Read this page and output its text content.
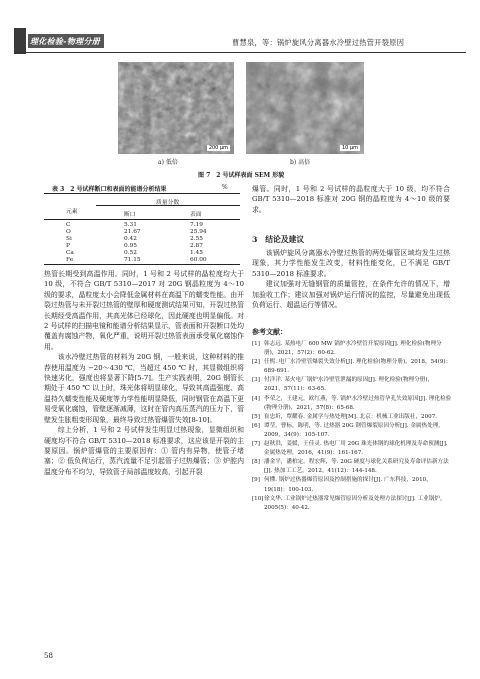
理化检验-物理分册	曹慧泉，等：锅炉旋风分离器水冷壁过热管开裂原因
200 μm	10 μm
a) 低倍	b) 高倍
图 7　2 号试样表面 SEM 形貌
表 3　2 号试样断口和表面的能谱分析结果	%
元素
质量分数
断口	表面
C	5.31	7.19
O	21.67	25.94
Si	0.42	2.55
P	0.95	2.87
Ca	0.52	1.45
Fe	71.15	60.00

热管长期受到高温作用。同时，1 号和 2 号试样的晶粒度均大于 10 级，不符合 GB/T 5310—2017 对 20G 钢晶粒度为 4～10 级的要求，晶粒度太小会降低金属材料在高温下的蠕变性能。由开裂过热管与未开裂过热管的壁厚和硬度测试结果可知，开裂过热管长期经受高温作用，其高光体已经球化，因此硬度也明显偏低。对 2 号试样的扫描电镜和能谱分析结果显示，管表面和开裂断口处均覆盖有腐蚀产物，氧化严重，说明开裂过热管表面承受氧化腐蚀作用。

该水冷壁过热管的材料为 20G 钢，一般来说，这种材料的推荐使用温度为 −20～430 ℃，当超过 450 ℃ 时，其显微组织将快速劣化，强度也将显著下降[5-7]。生产实践表明，20G 钢管长期处于 450 ℃ 以上时，珠光体将明显球化，导致其高温强度、高温持久蠕变性能及硬度等力学性能明显降低，同时钢管在高温下更易受氧化腐蚀，管壁逐渐减薄，这时在管内高压蒸汽的压力下，管壁发生胀粗变形现象，最终导致过热管爆管失效[8-10]。

综上分析，1 号和 2 号试样发生明显过热现象，显微组织和硬度均不符合 GB/T 5310—2018 标准要求，这应该是开裂的主要原因。锅炉管爆管的主要原因有：① 管内有异物，使管子堵塞；② 低负荷运行，蒸汽流量不足引起管子过热爆管；③ 炉腔内温度分布不均匀，导致管子局部温度较高，引起开裂

爆管。同时，1 号和 2 号试样的晶粒度大于 10 级，均不符合 GB/T 5310—2018 标准对 20G 钢的晶粒度为 4～10 级的要求。

3　结论及建议

该锅炉旋风分离器水冷壁过热管的两处爆管区域均发生过热现象，其力学性能发生改变，材料性能变化，已不满足 GB/T 5310—2018 标准要求。

建议加强对无缝钢管的质量管控，在条件允许的情况下，增加验收工作；建议加强对锅炉运行情况的监控，尽量避免出现低负荷运行、超温运行等情况。

参考文献：
[1] 韩志远. 某热电厂 600 MW 锅炉水冷壁管开裂原因[J]. 理化检验(物理分册)，2021，57(2)：60-62.
[2] 任熙. 电厂水冷壁管爆裂失效分析[J]. 理化检验(物理分册)，2018，54(9)：689-691.
[3] 付洋洋. 某火电厂锅炉水冷壁管泄漏的原因[J]. 理化检验(物理分册)，2021，57(11)：63-65.
[4] 李荣之，王建元，欧红燕，等. 锅炉水冷壁过热管孕孔失效原因[J]. 理化检验(物理分册)，2021，57(8)：65-68.
[5] 崔忠圻，覃耀春. 金属学与热处理[M]. 北京：机械工业出版社，2007.
[6] 谭莹，曹标，陈明，等. 过热器 20G 钢管爆裂原因分析[J]. 金属热处理，2009，34(9)：105-107.
[7] 赵秋洪，姜媛，王佳灵. 热电厂用 20G 珠光体钢的球化机理及寿命预测[J]. 金属热处理，2016，41(9)：161-167.
[8] 潘金平，潘柏定，程宏辉，等. 20G 硬度与球化关系研究及寿命评估新方法[J]. 热加工工艺，2012，41(12)：144-148.
[9] 何懂. 锅炉过热器爆管原因及控制措施的探讨[J]. 广东科技，2010，19(18)：100-103.
[10] 徐文华. 工业锅炉过热器常见爆管原因分析及处理方法探讨[J]. 工业锅炉，2005(5)：40-42.
58
